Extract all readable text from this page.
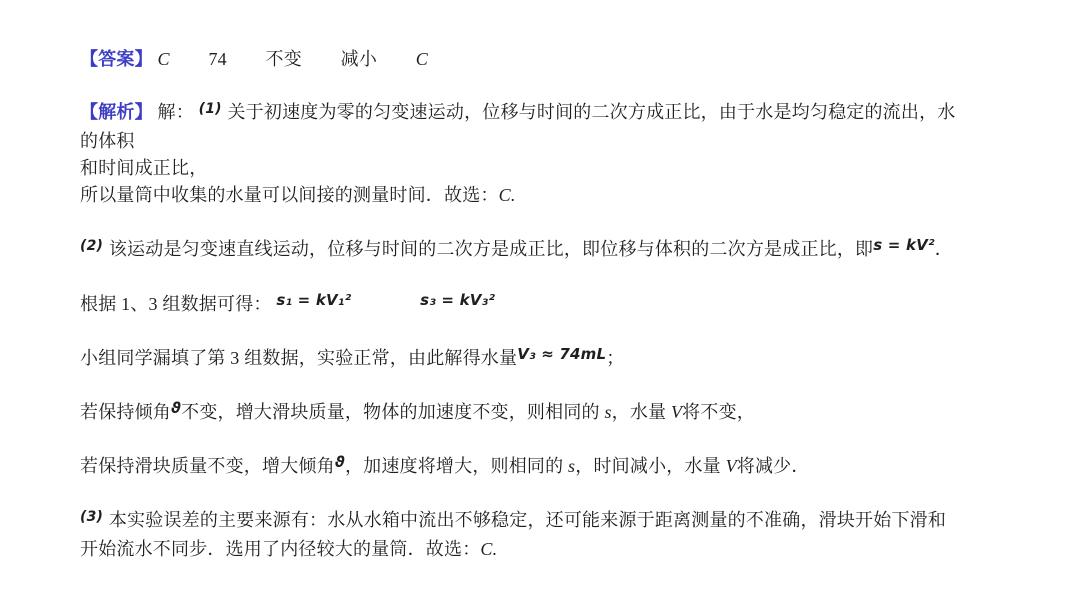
【答案】 C 74 不变 减小 C

【解析】 解： $^{(1)}$ 关于初速度为零的匀变速运动，位移与时间的二次方成正比，由于水是均匀稳定的流出，水的体积
和时间成正比，
所以量筒中收集的水量可以间接的测量时间．故选：C.

$^{(2)}$ 该运动是匀变速直线运动，位移与时间的二次方是成正比，即位移与体积的二次方是成正比，即$^{s = kV^2}$．

根据 1、3 组数据可得： $^{s_1 = kV_1^2}$	$^{s_3 = kV_3^2}$

小组同学漏填了第 3 组数据，实验正常，由此解得水量$^{V_3 \approx 74mL}$；

若保持倾角$^ϑ$不变，增大滑块质量，物体的加速度不变，则相同的 s，水量 V将不变，

若保持滑块质量不变，增大倾角$^ϑ$，加速度将增大，则相同的 s，时间减小，水量 V将减少．

$^{(3)}$ 本实验误差的主要来源有：水从水箱中流出不够稳定，还可能来源于距离测量的不准确，滑块开始下滑和开始流水不同步．选用了内径较大的量筒．故选：C.
